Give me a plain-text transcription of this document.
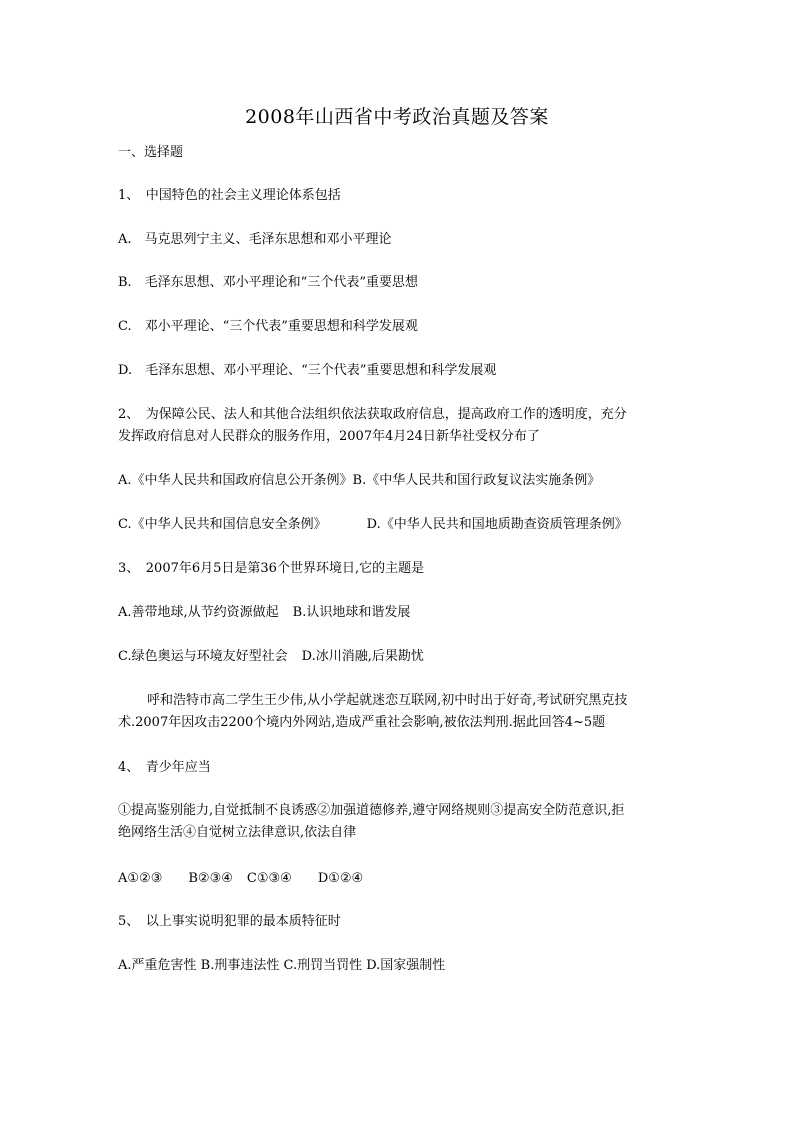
2008年山西省中考政治真题及答案
一、选择题
1、　中国特色的社会主义理论体系包括
A.　马克思列宁主义、毛泽东思想和邓小平理论
B.　毛泽东思想、邓小平理论和“三个代表”重要思想
C.　邓小平理论、“三个代表”重要思想和科学发展观
D.　毛泽东思想、邓小平理论、“三个代表”重要思想和科学发展观
2、　为保障公民、法人和其他合法组织依法获取政府信息，提高政府工作的透明度，充分
发挥政府信息对人民群众的服务作用，2007年4月24日新华社受权分布了
A.《中华人民共和国政府信息公开条例》B.《中华人民共和国行政复议法实施条例》
C.《中华人民共和国信息安全条例》	D.《中华人民共和国地质勘查资质管理条例》
3、　2007年6月5日是第36个世界环境日,它的主题是
A.善带地球,从节约资源做起 B.认识地球和谐发展
C.绿色奥运与环境友好型社会 D.冰川消融,后果勘忧
呼和浩特市高二学生王少伟,从小学起就迷恋互联网,初中时出于好奇,考试研究黑克技
术.2007年因攻击2200个境内外网站,造成严重社会影响,被依法判刑.据此回答4~5题
4、　青少年应当
①提高鉴别能力,自觉抵制不良诱惑②加强道德修养,遵守网络规则③提高安全防范意识,拒
绝网络生活④自觉树立法律意识,依法自律
A①②③ B②③④ C①③④ D①②④
5、　以上事实说明犯罪的最本质特征时
A.严重危害性 B.刑事违法性 C.刑罚当罚性 D.国家强制性
